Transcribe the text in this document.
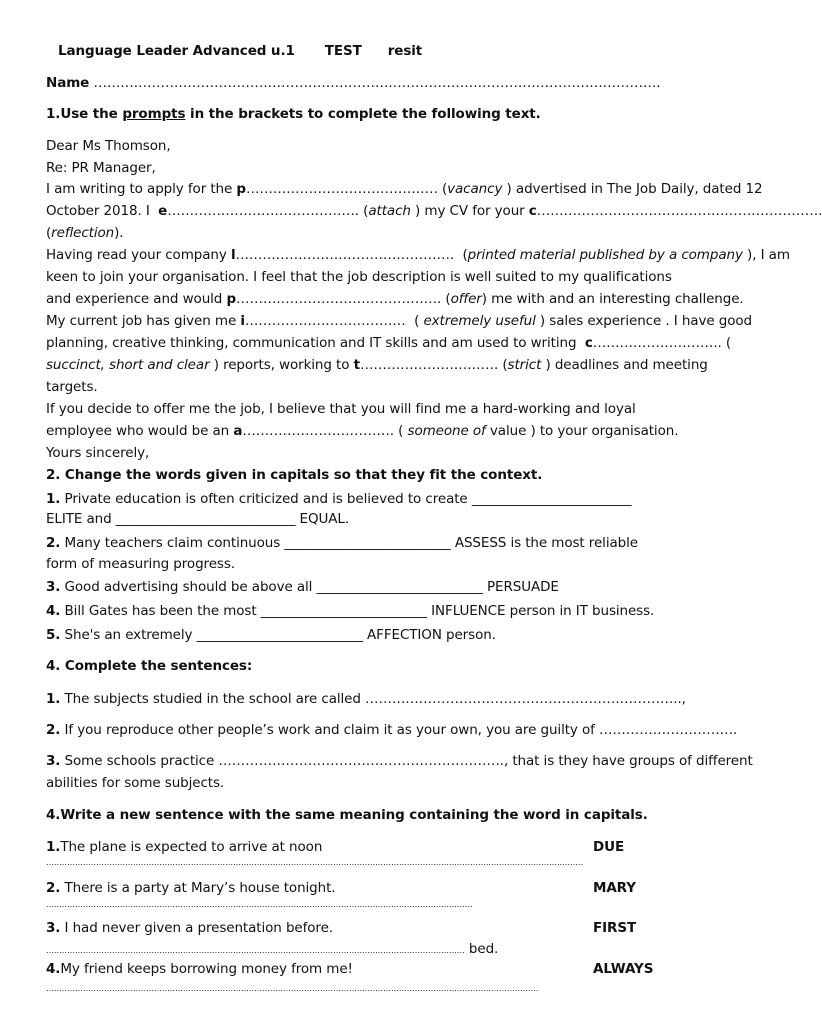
Language Leader Advanced u.1 TEST resit
Name ……………………………………………………………………………………………………………….
1.Use the prompts in the brackets to complete the following text.
Dear Ms Thomson,
Re: PR Manager,
I am writing to apply for the p……………………………………. (vacancy ) advertised in The Job Daily, dated 12
October 2018. I  e……………………………………. (attach ) my CV for your c……………………………………………………….
(reflection).
Having read your company l………………………………………….  (printed material published by a company ), I am
keen to join your organisation. I feel that the job description is well suited to my qualifications
and experience and would p………………………………………. (offer) me with and an interesting challenge.
My current job has given me i………………………………  ( extremely useful ) sales experience . I have good
planning, creative thinking, communication and IT skills and am used to writing  c……………………….. (
succinct, short and clear ) reports, working to t…………………………. (strict ) deadlines and meeting
targets.
If you decide to offer me the job, I believe that you will find me a hard-working and loyal
employee who would be an a……………………………. ( someone of value ) to your organisation.
Yours sincerely,
2. Change the words given in capitals so that they fit the context.
1. Private education is often criticized and is believed to create ________________________
ELITE and ___________________________ EQUAL.
2. Many teachers claim continuous _________________________ ASSESS is the most reliable
form of measuring progress.
3. Good advertising should be above all _________________________ PERSUADE
4. Bill Gates has been the most _________________________ INFLUENCE person in IT business.
5. She's an extremely _________________________ AFFECTION person.
4. Complete the sentences:
1. The subjects studied in the school are called ……………………………………………………………..,
2. If you reproduce other people’s work and claim it as your own, you are guilty of ………………………….
3. Some schools practice ………………………………………………………., that is they have groups of different
abilities for some subjects.
4.Write a new sentence with the same meaning containing the word in capitals.
1.The plane is expected to arrive at noon	DUE
……………………………………………………………………………………………………………………………………………………………………………………
2. There is a party at Mary’s house tonight.	MARY
………………………………………………………………………………………………………………………………………………
3. I had never given a presentation before.	FIRST
…………………………………………………………………………………………………………………………………………… bed.
4.My friend keeps borrowing money from me!	ALWAYS
…………………………………………………………………………………………………………………………………………………………………….
